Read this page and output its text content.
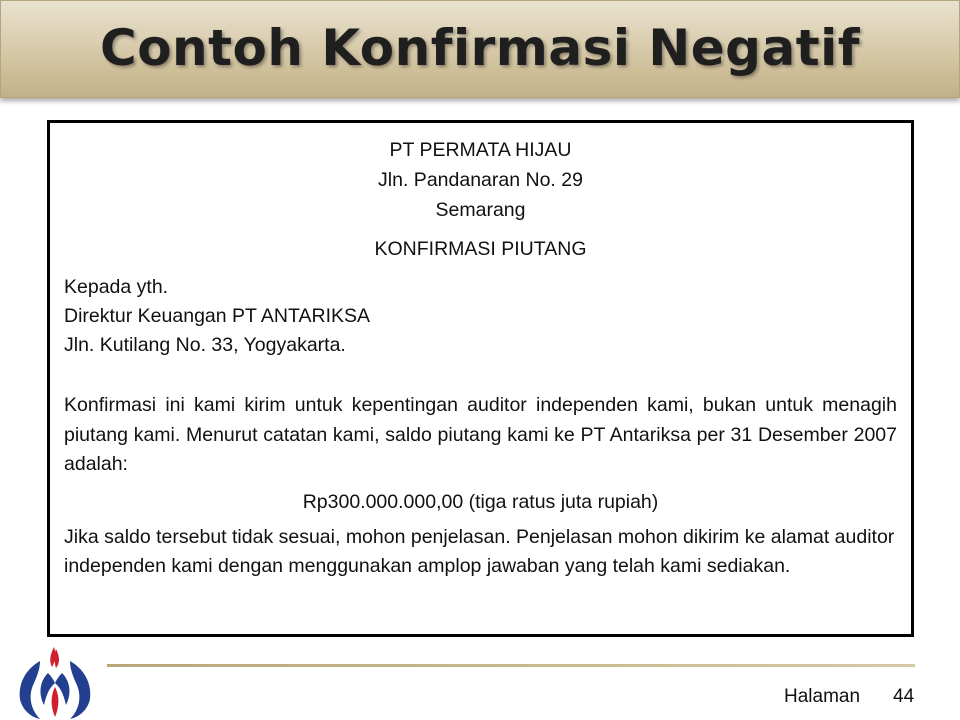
Contoh Konfirmasi Negatif
PT PERMATA HIJAU
Jln. Pandanaran No. 29
Semarang
KONFIRMASI PIUTANG
Kepada yth.
Direktur Keuangan PT ANTARIKSA
Jln. Kutilang No. 33, Yogyakarta.
Konfirmasi ini kami kirim untuk kepentingan auditor independen kami, bukan untuk menagih piutang kami. Menurut catatan kami, saldo piutang kami ke PT Antariksa per 31 Desember 2007 adalah:
Rp300.000.000,00 (tiga ratus juta rupiah)
Jika saldo tersebut tidak sesuai, mohon penjelasan. Penjelasan mohon dikirim ke alamat auditor independen kami dengan menggunakan amplop jawaban yang telah kami sediakan.
Halaman 44
